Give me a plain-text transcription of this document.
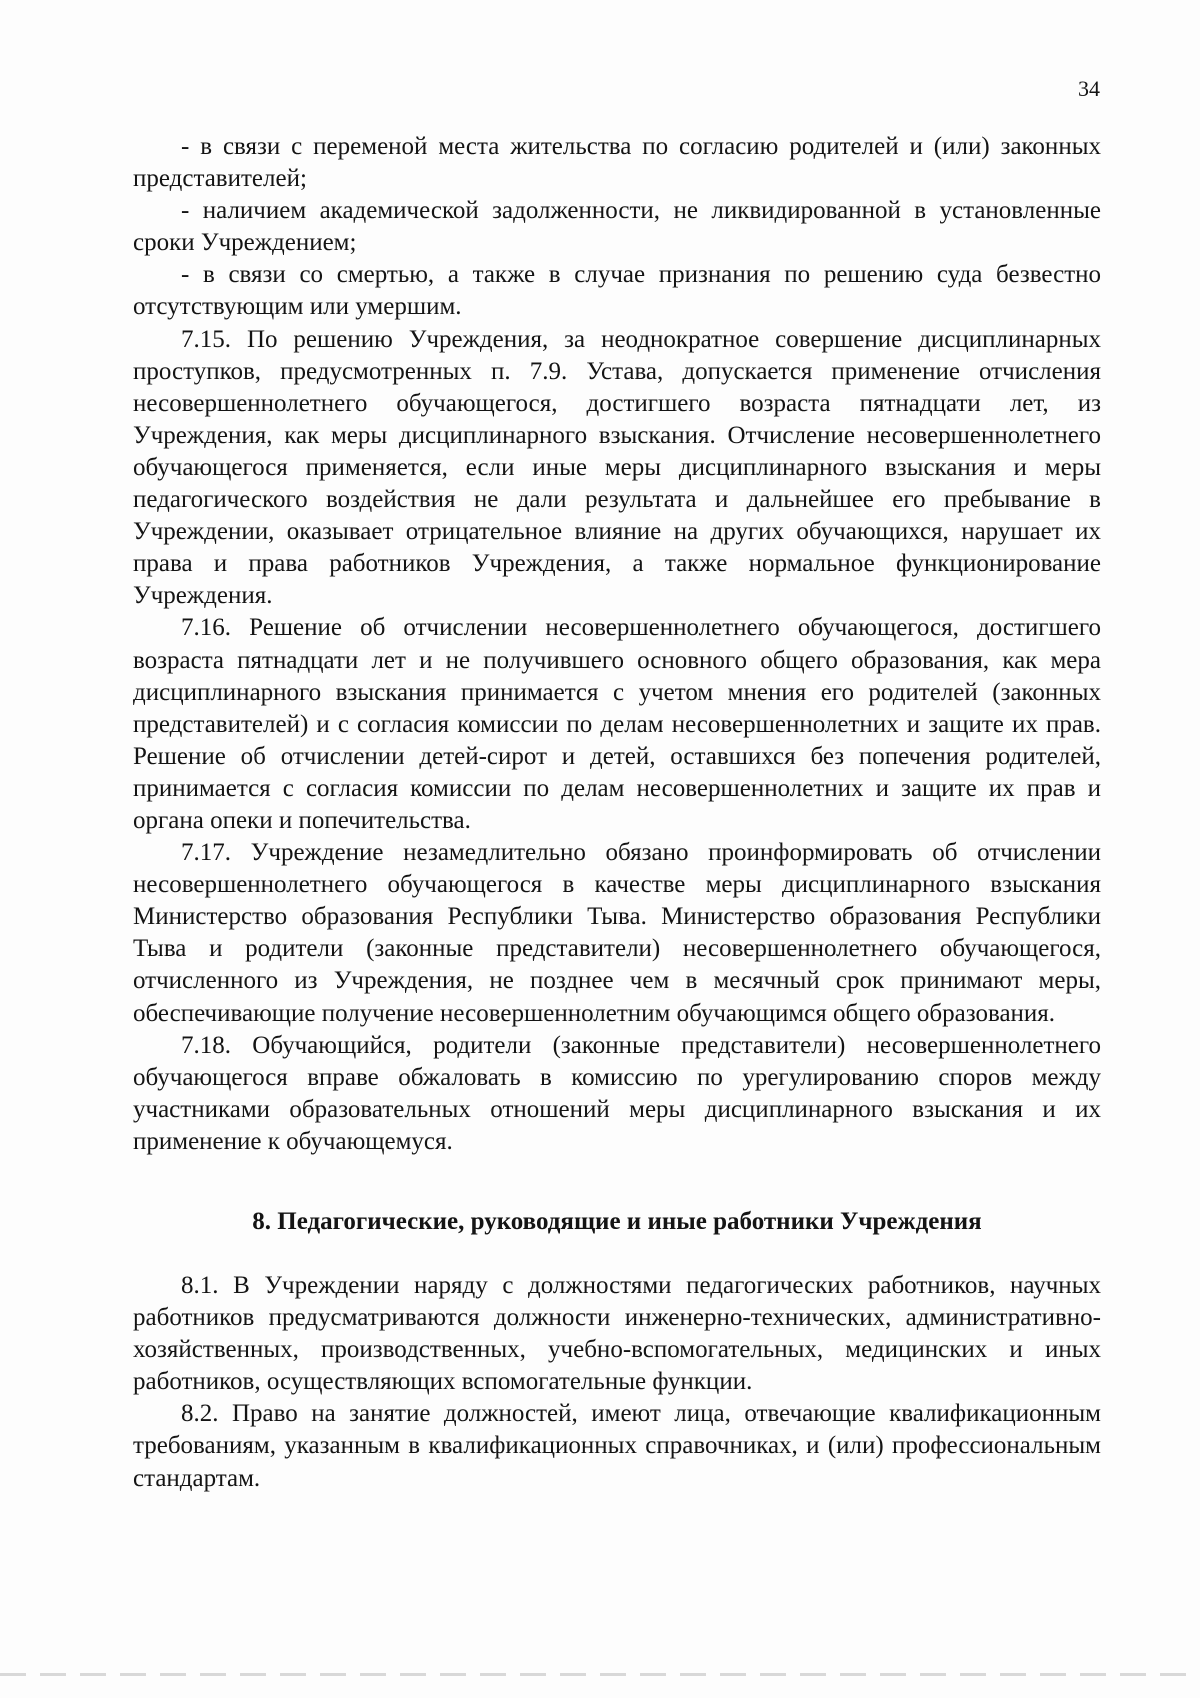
34

- в связи с переменой места жительства по согласию родителей и (или) законных представителей;

- наличием академической задолженности, не ликвидированной в установленные сроки Учреждением;

- в связи со смертью, а также в случае признания по решению суда безвестно отсутствующим или умершим.

7.15. По решению Учреждения, за неоднократное совершение дисциплинарных проступков, предусмотренных п. 7.9. Устава, допускается применение отчисления несовершеннолетнего обучающегося, достигшего возраста пятнадцати лет, из Учреждения, как меры дисциплинарного взыскания. Отчисление несовершеннолетнего обучающегося применяется, если иные меры дисциплинарного взыскания и меры педагогического воздействия не дали результата и дальнейшее его пребывание в Учреждении, оказывает отрицательное влияние на других обучающихся, нарушает их права и права работников Учреждения, а также нормальное функционирование Учреждения.

7.16. Решение об отчислении несовершеннолетнего обучающегося, достигшего возраста пятнадцати лет и не получившего основного общего образования, как мера дисциплинарного взыскания принимается с учетом мнения его родителей (законных представителей) и с согласия комиссии по делам несовершеннолетних и защите их прав. Решение об отчислении детей-сирот и детей, оставшихся без попечения родителей, принимается с согласия комиссии по делам несовершеннолетних и защите их прав и органа опеки и попечительства.

7.17. Учреждение незамедлительно обязано проинформировать об отчислении несовершеннолетнего обучающегося в качестве меры дисциплинарного взыскания Министерство образования Республики Тыва. Министерство образования Республики Тыва и родители (законные представители) несовершеннолетнего обучающегося, отчисленного из Учреждения, не позднее чем в месячный срок принимают меры, обеспечивающие получение несовершеннолетним обучающимся общего образования.

7.18. Обучающийся, родители (законные представители) несовершеннолетнего обучающегося вправе обжаловать в комиссию по урегулированию споров между участниками образовательных отношений меры дисциплинарного взыскания и их применение к обучающемуся.

8. Педагогические, руководящие и иные работники Учреждения

8.1. В Учреждении наряду с должностями педагогических работников, научных работников предусматриваются должности инженерно-технических, административно-хозяйственных, производственных, учебно-вспомогательных, медицинских и иных работников, осуществляющих вспомогательные функции.

8.2. Право на занятие должностей, имеют лица, отвечающие квалификационным требованиям, указанным в квалификационных справочниках, и (или) профессиональным стандартам.
